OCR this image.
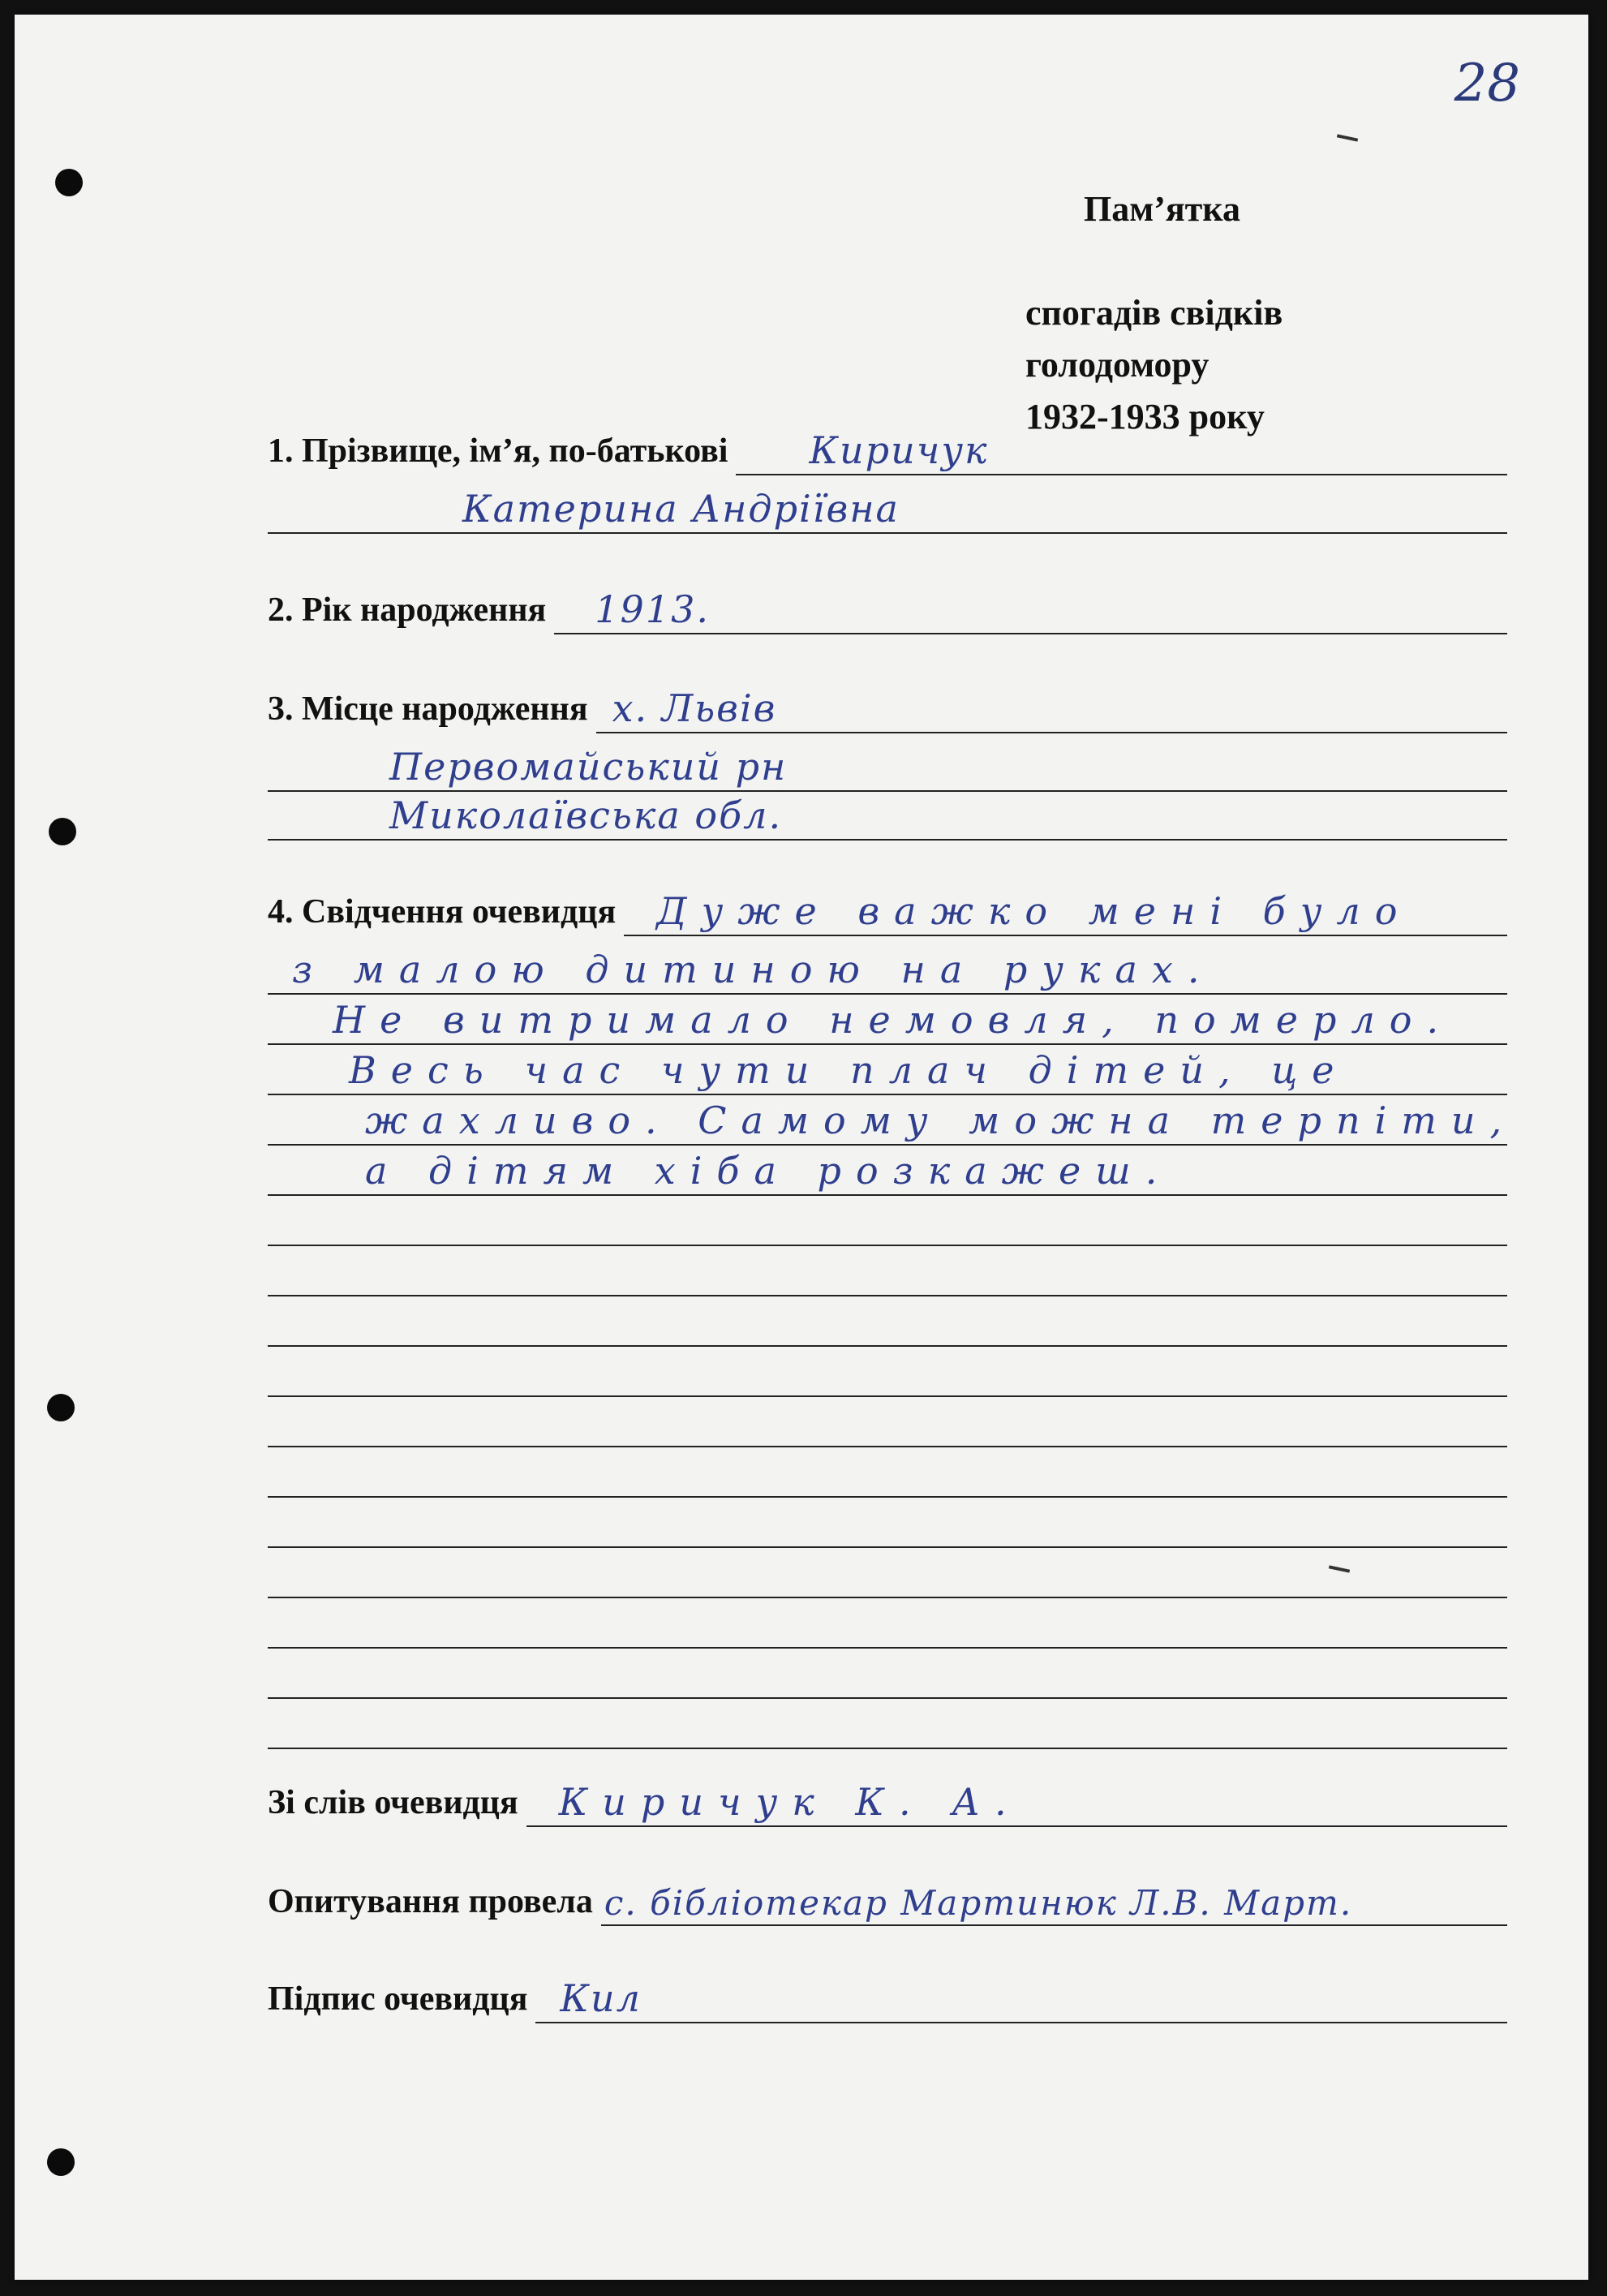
28
Пам’ятка

спогадів свідків
голодомору
1932-1933 року
1. Прізвище, ім’я, по-батькові Киричук
Катерина Андріївна
2. Рік народження 1913.
3. Місце народження х. Львів
Первомайський рн
Миколаївська обл.
4. Свідчення очевидця Дуже важко мені було
з малою дитиною на руках.
Не витримало немовля, померло.
Весь час чути плач дітей, це
жахливо. Самому можна терпіти,
а дітям хіба розкажеш.
Зі слів очевидця Киричук К. А.
Опитування провела с. бібліотекар Мартинюк Л.В. Март.
Підпис очевидця Кил
